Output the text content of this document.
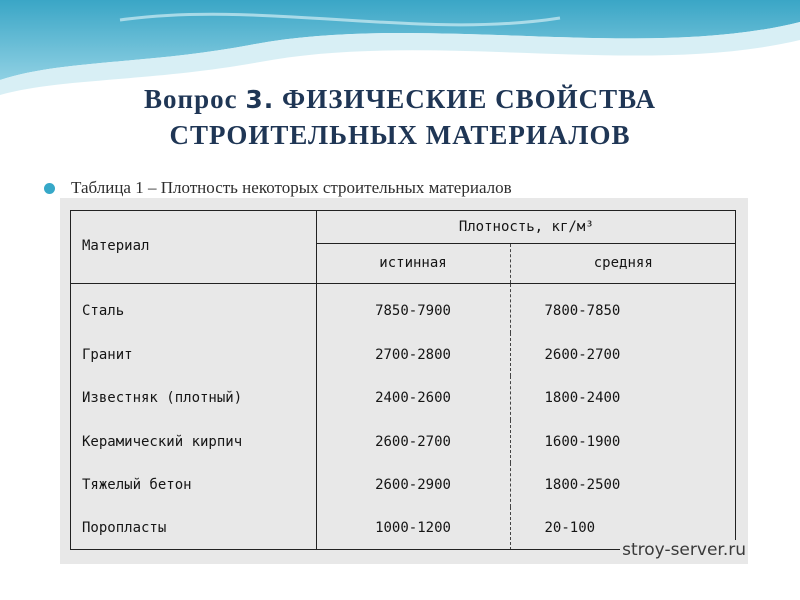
Вопрос 3. ФИЗИЧЕСКИЕ СВОЙСТВА
СТРОИТЕЛЬНЫХ МАТЕРИАЛОВ
Таблица 1 – Плотность некоторых строительных материалов
Материал	Плотность, кг/м³	
	истинная	средняя
Сталь	7850-7900	7800-7850
Гранит	2700-2800	2600-2700
Известняк (плотный)	2400-2600	1800-2400
Керамический кирпич	2600-2700	1600-1900
Тяжелый бетон	2600-2900	1800-2500
Поропласты	1000-1200	20-100
stroy-server.ru
